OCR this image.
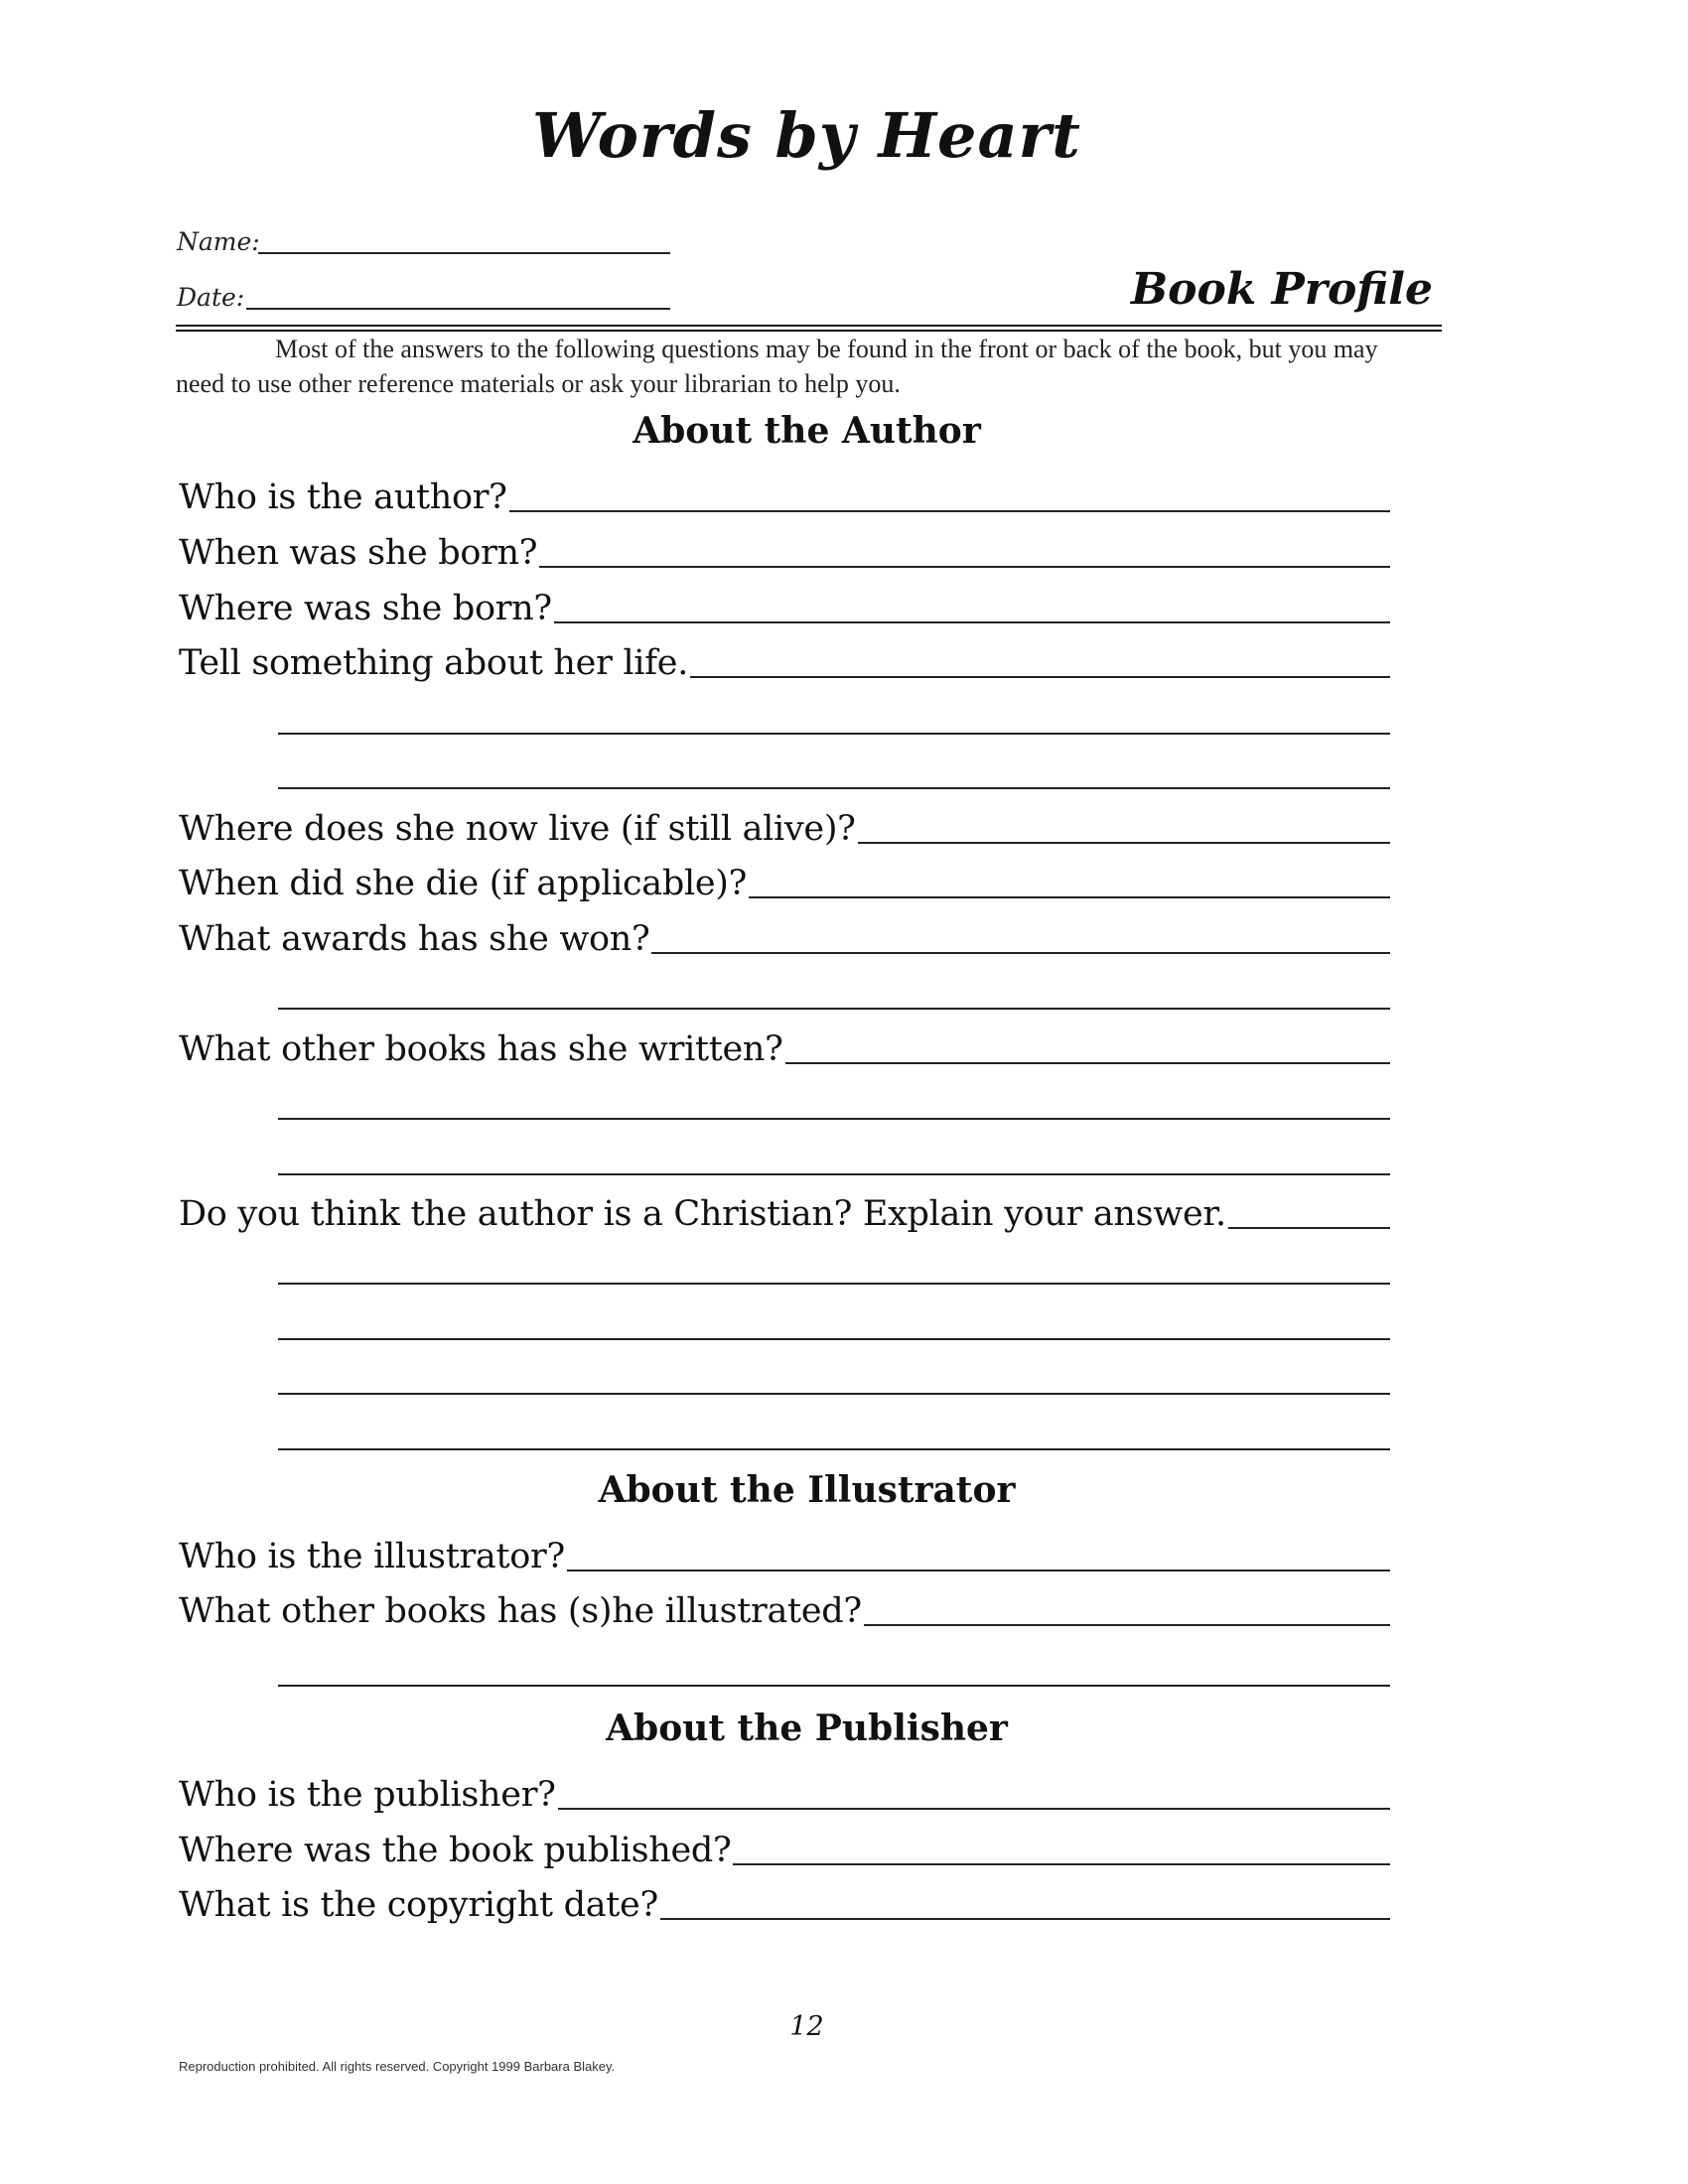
Words by Heart
Name:
Date:	Book Profile
Most of the answers to the following questions may be found in the front or back of the book, but you may need to use other reference materials or ask your librarian to help you.
About the Author
Who is the author?
When was she born?
Where was she born?
Tell something about her life.
Where does she now live (if still alive)?
When did she die (if applicable)?
What awards has she won?
What other books has she written?
Do you think the author is a Christian? Explain your answer.
About the Illustrator
Who is the illustrator?
What other books has (s)he illustrated?
About the Publisher
Who is the publisher?
Where was the book published?
What is the copyright date?
12
Reproduction prohibited. All rights reserved. Copyright 1999 Barbara Blakey.
